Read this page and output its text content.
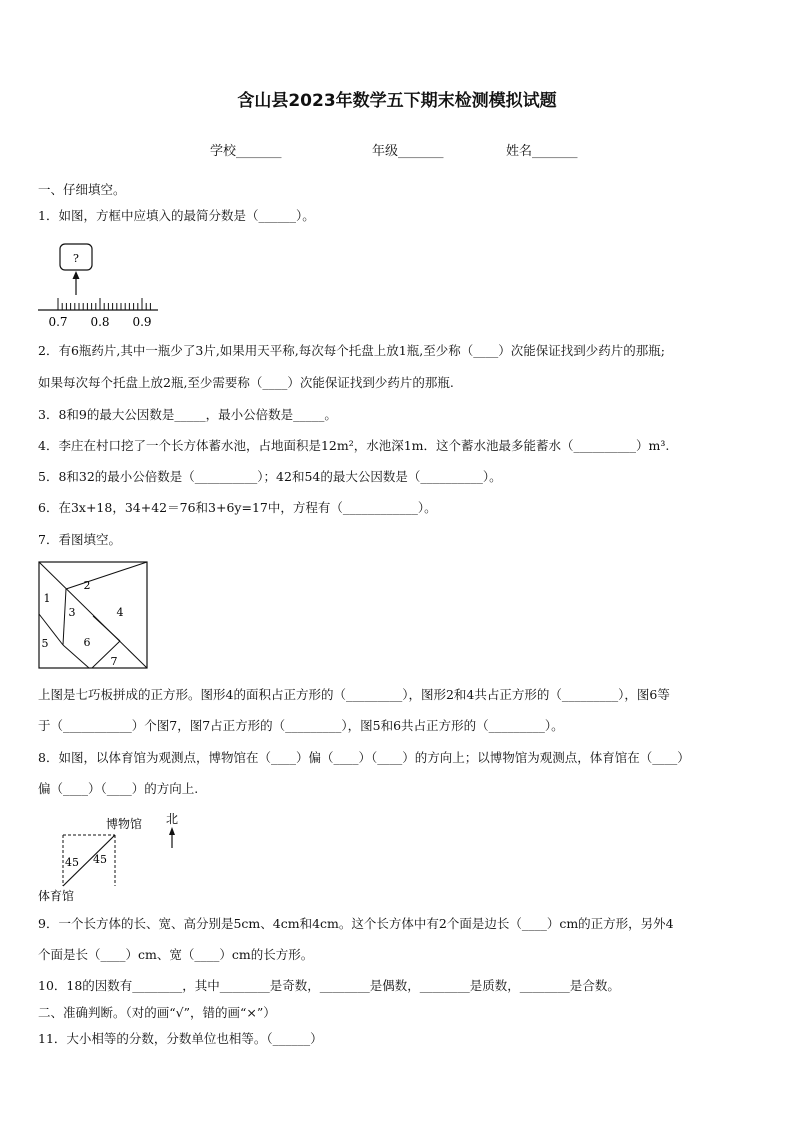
含山县2023年数学五下期末检测模拟试题
学校_______	年级_______	姓名_______
一、仔细填空。
1．如图，方框中应填入的最简分数是（______）。
?
0.7 0.8 0.9
2．有6瓶药片,其中一瓶少了3片,如果用天平称,每次每个托盘上放1瓶,至少称（____）次能保证找到少药片的那瓶;
如果每次每个托盘上放2瓶,至少需要称（____）次能保证找到少药片的那瓶.
3．8和9的最大公因数是_____，最小公倍数是_____。
4．李庄在村口挖了一个长方体蓄水池，占地面积是12m²，水池深1m．这个蓄水池最多能蓄水（__________）m³.
5．8和32的最小公倍数是（__________）；42和54的最大公因数是（__________）。
6．在3x+18，34+42＝76和3+6y=17中，方程有（____________）。
7．看图填空。
2
1
3	4
5	6
7
上图是七巧板拼成的正方形。图形4的面积占正方形的（_________），图形2和4共占正方形的（_________），图6等
于（___________）个图7，图7占正方形的（_________），图5和6共占正方形的（_________）。
8．如图，以体育馆为观测点，博物馆在（____）偏（____）（____）的方向上；以博物馆为观测点，体育馆在（____）
偏（____）（____）的方向上.
博物馆 北
45 45
体育馆
9．一个长方体的长、宽、高分别是5cm、4cm和4cm。这个长方体中有2个面是边长（____）cm的正方形，另外4
个面是长（____）cm、宽（____）cm的长方形。
10．18的因数有________，其中________是奇数，________是偶数，________是质数，________是合数。
二、准确判断。（对的画“√”，错的画“×”）
11．大小相等的分数，分数单位也相等。（______）
